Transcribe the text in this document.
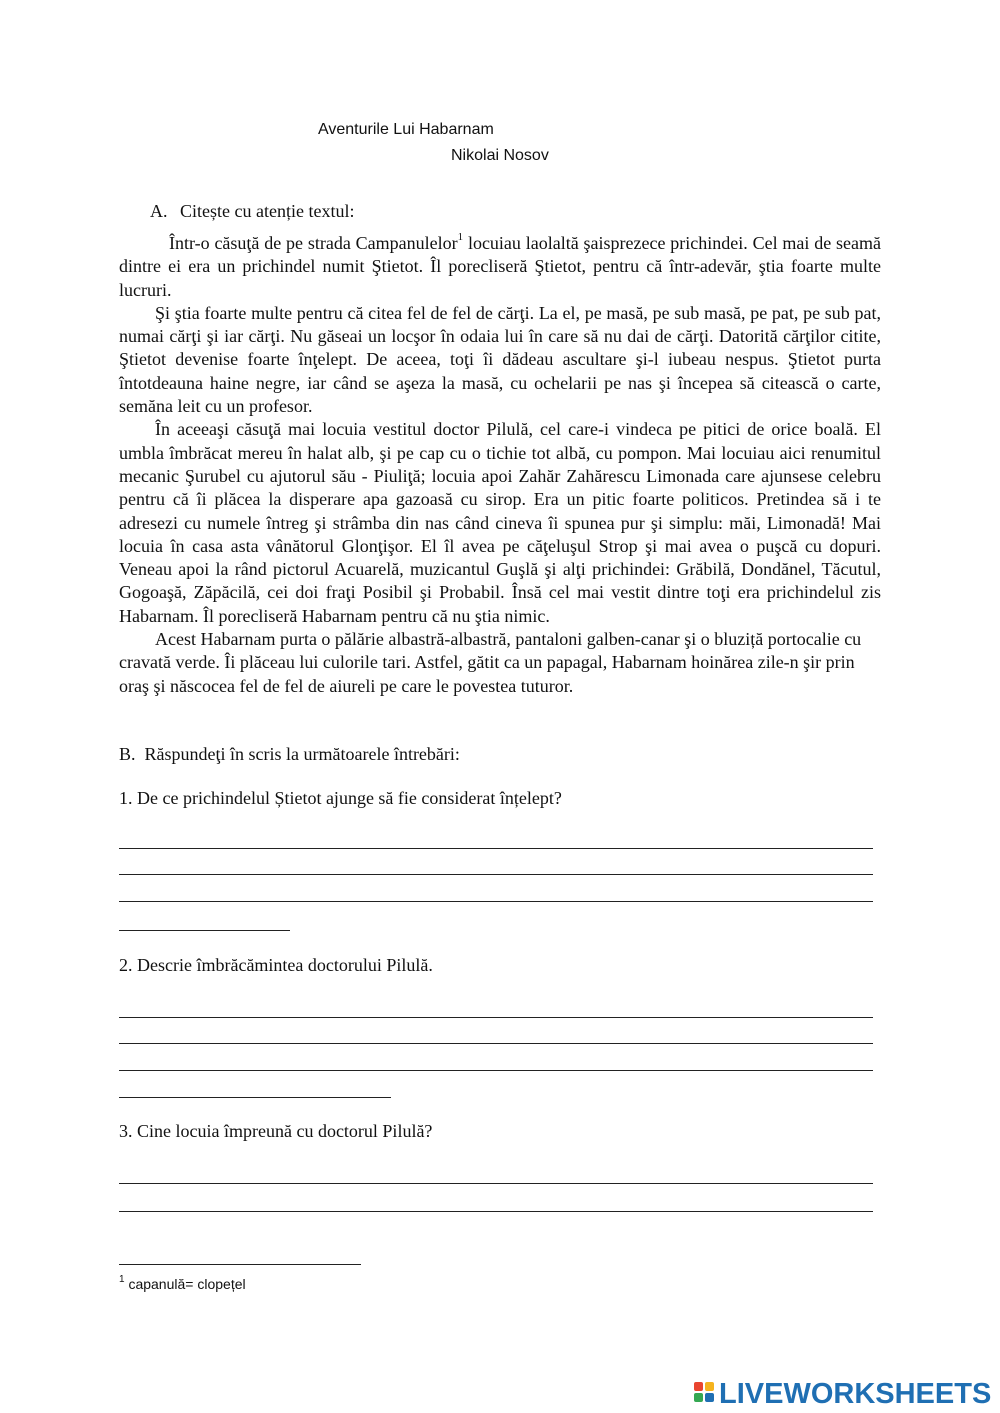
Aventurile Lui Habarnam
Nikolai Nosov
A. Citește cu atenție textul:

Într-o căsuţă de pe strada Campanulelor$^1$ locuiau laolaltă şaisprezece prichindei. Cel mai de seamă dintre ei era un prichindel numit Ştietot. Îl porecliseră Ştietot, pentru că într-adevăr, ştia foarte multe lucruri.

Şi ştia foarte multe pentru că citea fel de fel de cărţi. La el, pe masă, pe sub masă, pe pat, pe sub pat, numai cărţi şi iar cărţi. Nu găseai un locşor în odaia lui în care să nu dai de cărţi. Datorită cărţilor citite, Ştietot devenise foarte înţelept. De aceea, toţi îi dădeau ascultare şi-l iubeau nespus. Ştietot purta întotdeauna haine negre, iar când se aşeza la masă, cu ochelarii pe nas şi începea să citească o carte, semăna leit cu un profesor.

În aceeaşi căsuţă mai locuia vestitul doctor Pilulă, cel care-i vindeca pe pitici de orice boală. El umbla îmbrăcat mereu în halat alb, şi pe cap cu o tichie tot albă, cu pompon. Mai locuiau aici renumitul mecanic Şurubel cu ajutorul său - Piuliţă; locuia apoi Zahăr Zahărescu Limonada care ajunsese celebru pentru că îi plăcea la disperare apa gazoasă cu sirop. Era un pitic foarte politicos. Pretindea să i te adresezi cu numele întreg şi strâmba din nas când cineva îi spunea pur şi simplu: măi, Limonadă! Mai locuia în casa asta vânătorul Glonţişor. El îl avea pe căţeluşul Strop şi mai avea o puşcă cu dopuri. Veneau apoi la rând pictorul Acuarelă, muzicantul Guşlă şi alţi prichindei: Grăbilă, Dondănel, Tăcutul, Gogoaşă, Zăpăcilă, cei doi fraţi Posibil şi Probabil. Însă cel mai vestit dintre toţi era prichindelul zis Habarnam. Îl porecliseră Habarnam pentru că nu ştia nimic.

Acest Habarnam purta o pălărie albastră-albastră, pantaloni galben-canar şi o bluziță portocalie cu cravată verde. Îi plăceau lui culorile tari. Astfel, gătit ca un papagal, Habarnam hoinărea zile-n şir prin oraş şi născocea fel de fel de aiureli pe care le povestea tuturor.

B. Răspundeţi în scris la următoarele întrebări:
1. De ce prichindelul Știetot ajunge să fie considerat înțelept?
2. Descrie îmbrăcămintea doctorului Pilulă.
3. Cine locuia împreună cu doctorul Pilulă?
$^1$ capanulă= clopețel
LIVEWORKSHEETS
